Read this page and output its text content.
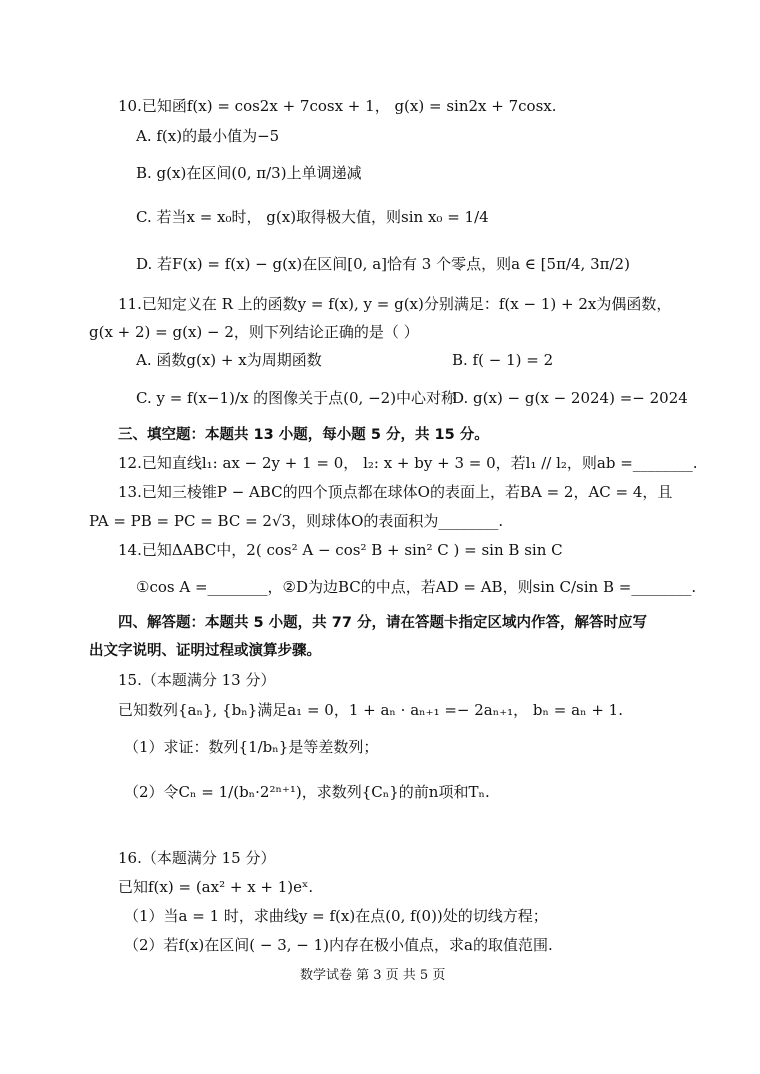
10.已知函f(x) = cos2x + 7cosx + 1， g(x) = sin2x + 7cosx.
A. f(x)的最小值为−5
B. g(x)在区间(0, π/3)上单调递减
C. 若当x = x₀时， g(x)取得极大值，则sin x₀ = 1/4
D. 若F(x) = f(x) − g(x)在区间[0, a]恰有 3 个零点，则a ∈ [5π/4, 3π/2)
11.已知定义在 R 上的函数y = f(x), y = g(x)分别满足：f(x − 1) + 2x为偶函数，
g(x + 2) = g(x) − 2，则下列结论正确的是（ ）
A. 函数g(x) + x为周期函数	B. f( − 1) = 2
C. y = f(x−1)/x 的图像关于点(0, −2)中心对称
D. g(x) − g(x − 2024) =− 2024
三、填空题：本题共 13 小题，每小题 5 分，共 15 分。
12.已知直线l₁: ax − 2y + 1 = 0， l₂: x + by + 3 = 0，若l₁ // l₂，则ab =________.
13.已知三棱锥P − ABC的四个顶点都在球体O的表面上，若BA = 2，AC = 4，且
PA = PB = PC = BC = 2√3，则球体O的表面积为________.
14.已知ΔABC中，2( cos² A − cos² B + sin² C ) = sin B sin C
①cos A =________，②D为边BC的中点，若AD = AB，则sin C/sin B =________.
四、解答题：本题共 5 小题，共 77 分，请在答题卡指定区域内作答，解答时应写
出文字说明、证明过程或演算步骤。
15.（本题满分 13 分）
已知数列{aₙ}, {bₙ}满足a₁ = 0，1 + aₙ · aₙ₊₁ =− 2aₙ₊₁， bₙ = aₙ + 1.
（1）求证：数列{1/bₙ}是等差数列；
（2）令Cₙ = 1/(bₙ·2²ⁿ⁺¹)，求数列{Cₙ}的前n项和Tₙ.
16.（本题满分 15 分）
已知f(x) = (ax² + x + 1)eˣ.
（1）当a = 1 时，求曲线y = f(x)在点(0, f(0))处的切线方程；
（2）若f(x)在区间( − 3, − 1)内存在极小值点，求a的取值范围.
数学试卷 第 3 页 共 5 页
